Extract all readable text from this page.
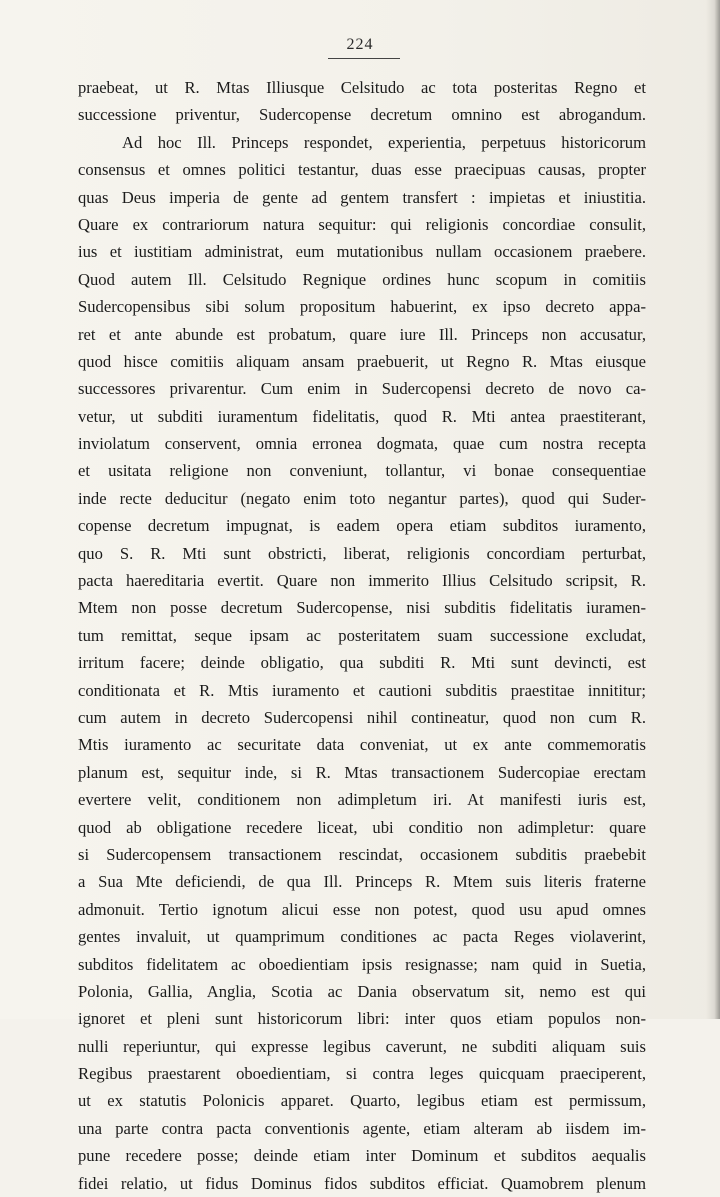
224
praebeat, ut R. Mtas Illiusque Celsitudo ac tota posteritas Regno et
successione priventur, Sudercopense decretum omnino est abrogandum.
Ad hoc Ill. Princeps respondet, experientia, perpetuus historicorum
consensus et omnes politici testantur, duas esse praecipuas causas, propter
quas Deus imperia de gente ad gentem transfert : impietas et iniustitia.
Quare ex contrariorum natura sequitur: qui religionis concordiae consulit,
ius et iustitiam administrat, eum mutationibus nullam occasionem praebere.
Quod autem Ill. Celsitudo Regnique ordines hunc scopum in comitiis
Sudercopensibus sibi solum propositum habuerint, ex ipso decreto appa-
ret et ante abunde est probatum, quare iure Ill. Princeps non accusatur,
quod hisce comitiis aliquam ansam praebuerit, ut Regno R. Mtas eiusque
successores privarentur. Cum enim in Sudercopensi decreto de novo ca-
vetur, ut subditi iuramentum fidelitatis, quod R. Mti antea praestiterant,
inviolatum conservent, omnia erronea dogmata, quae cum nostra recepta
et usitata religione non conveniunt, tollantur, vi bonae consequentiae
inde recte deducitur (negato enim toto negantur partes), quod qui Suder-
copense decretum impugnat, is eadem opera etiam subditos iuramento,
quo S. R. Mti sunt obstricti, liberat, religionis concordiam perturbat,
pacta haereditaria evertit. Quare non immerito Illius Celsitudo scripsit, R.
Mtem non posse decretum Sudercopense, nisi subditis fidelitatis iuramen-
tum remittat, seque ipsam ac posteritatem suam successione excludat,
irritum facere; deinde obligatio, qua subditi R. Mti sunt devincti, est
conditionata et R. Mtis iuramento et cautioni subditis praestitae innititur;
cum autem in decreto Sudercopensi nihil contineatur, quod non cum R.
Mtis iuramento ac securitate data conveniat, ut ex ante commemoratis
planum est, sequitur inde, si R. Mtas transactionem Sudercopiae erectam
evertere velit, conditionem non adimpletum iri. At manifesti iuris est,
quod ab obligatione recedere liceat, ubi conditio non adimpletur: quare
si Sudercopensem transactionem rescindat, occasionem subditis praebebit
a Sua Mte deficiendi, de qua Ill. Princeps R. Mtem suis literis fraterne
admonuit. Tertio ignotum alicui esse non potest, quod usu apud omnes
gentes invaluit, ut quamprimum conditiones ac pacta Reges violaverint,
subditos fidelitatem ac oboedientiam ipsis resignasse; nam quid in Suetia,
Polonia, Gallia, Anglia, Scotia ac Dania observatum sit, nemo est qui
ignoret et pleni sunt historicorum libri: inter quos etiam populos non-
nulli reperiuntur, qui expresse legibus caverunt, ne subditi aliquam suis
Regibus praestarent oboedientiam, si contra leges quicquam praeciperent,
ut ex statutis Polonicis apparet. Quarto, legibus etiam est permissum,
una parte contra pacta conventionis agente, etiam alteram ab iisdem im-
pune recedere posse; deinde etiam inter Dominum et subditos aequalis
fidei relatio, ut fidus Dominus fidos subditos efficiat. Quamobrem plenum
